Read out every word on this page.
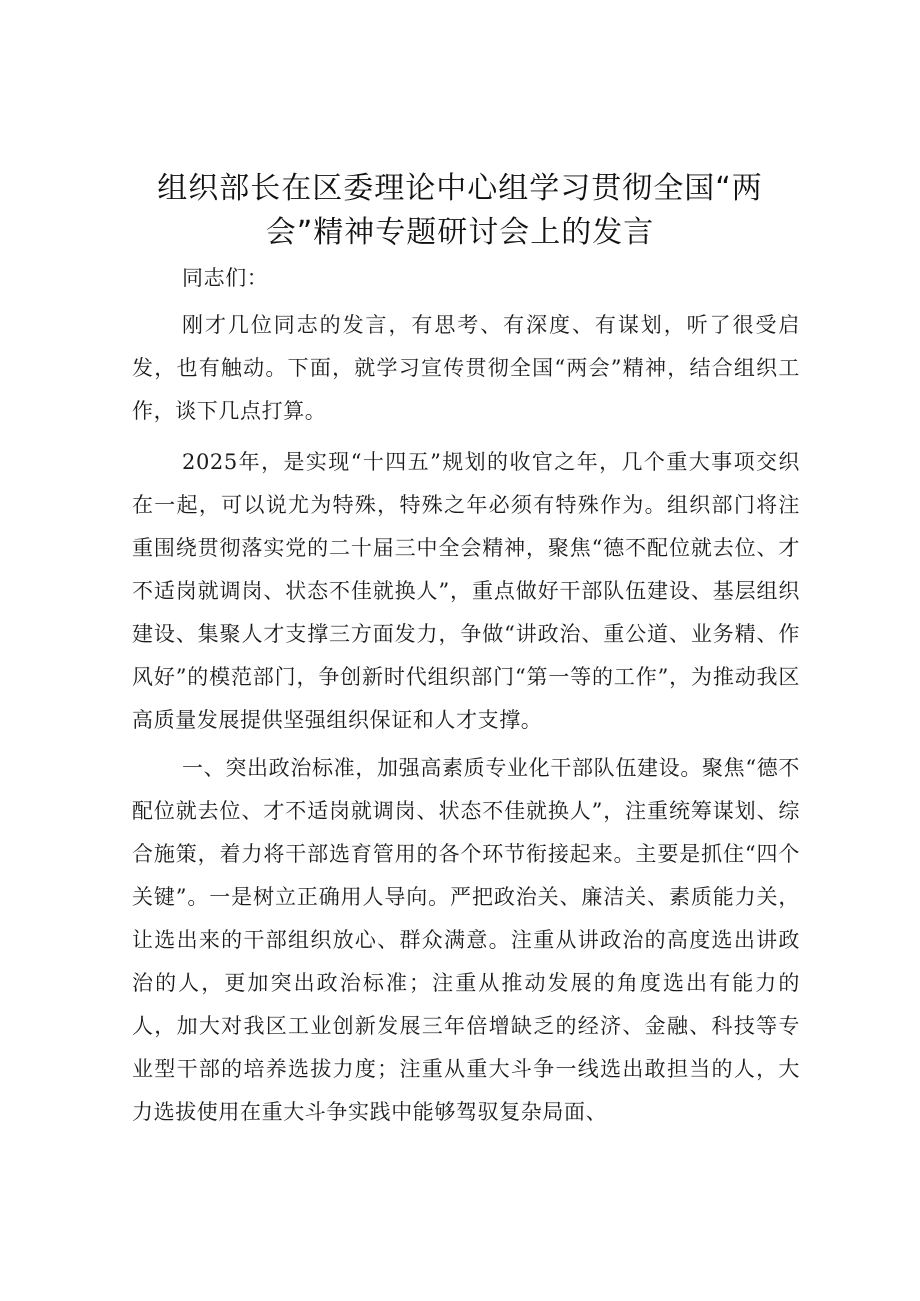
组织部长在区委理论中心组学习贯彻全国“两会”精神专题研讨会上的发言

同志们：

刚才几位同志的发言，有思考、有深度、有谋划，听了很受启发，也有触动。下面，就学习宣传贯彻全国“两会”精神，结合组织工作，谈下几点打算。

2025年，是实现“十四五”规划的收官之年，几个重大事项交织在一起，可以说尤为特殊，特殊之年必须有特殊作为。组织部门将注重围绕贯彻落实党的二十届三中全会精神，聚焦“德不配位就去位、才不适岗就调岗、状态不佳就换人”，重点做好干部队伍建设、基层组织建设、集聚人才支撑三方面发力，争做“讲政治、重公道、业务精、作风好”的模范部门，争创新时代组织部门“第一等的工作”，为推动我区高质量发展提供坚强组织保证和人才支撑。

一、突出政治标准，加强高素质专业化干部队伍建设。聚焦“德不配位就去位、才不适岗就调岗、状态不佳就换人”，注重统筹谋划、综合施策，着力将干部选育管用的各个环节衔接起来。主要是抓住“四个关键”。一是树立正确用人导向。严把政治关、廉洁关、素质能力关，让选出来的干部组织放心、群众满意。注重从讲政治的高度选出讲政治的人，更加突出政治标准；注重从推动发展的角度选出有能力的人，加大对我区工业创新发展三年倍增缺乏的经济、金融、科技等专业型干部的培养选拔力度；注重从重大斗争一线选出敢担当的人，大力选拔使用在重大斗争实践中能够驾驭复杂局面、
